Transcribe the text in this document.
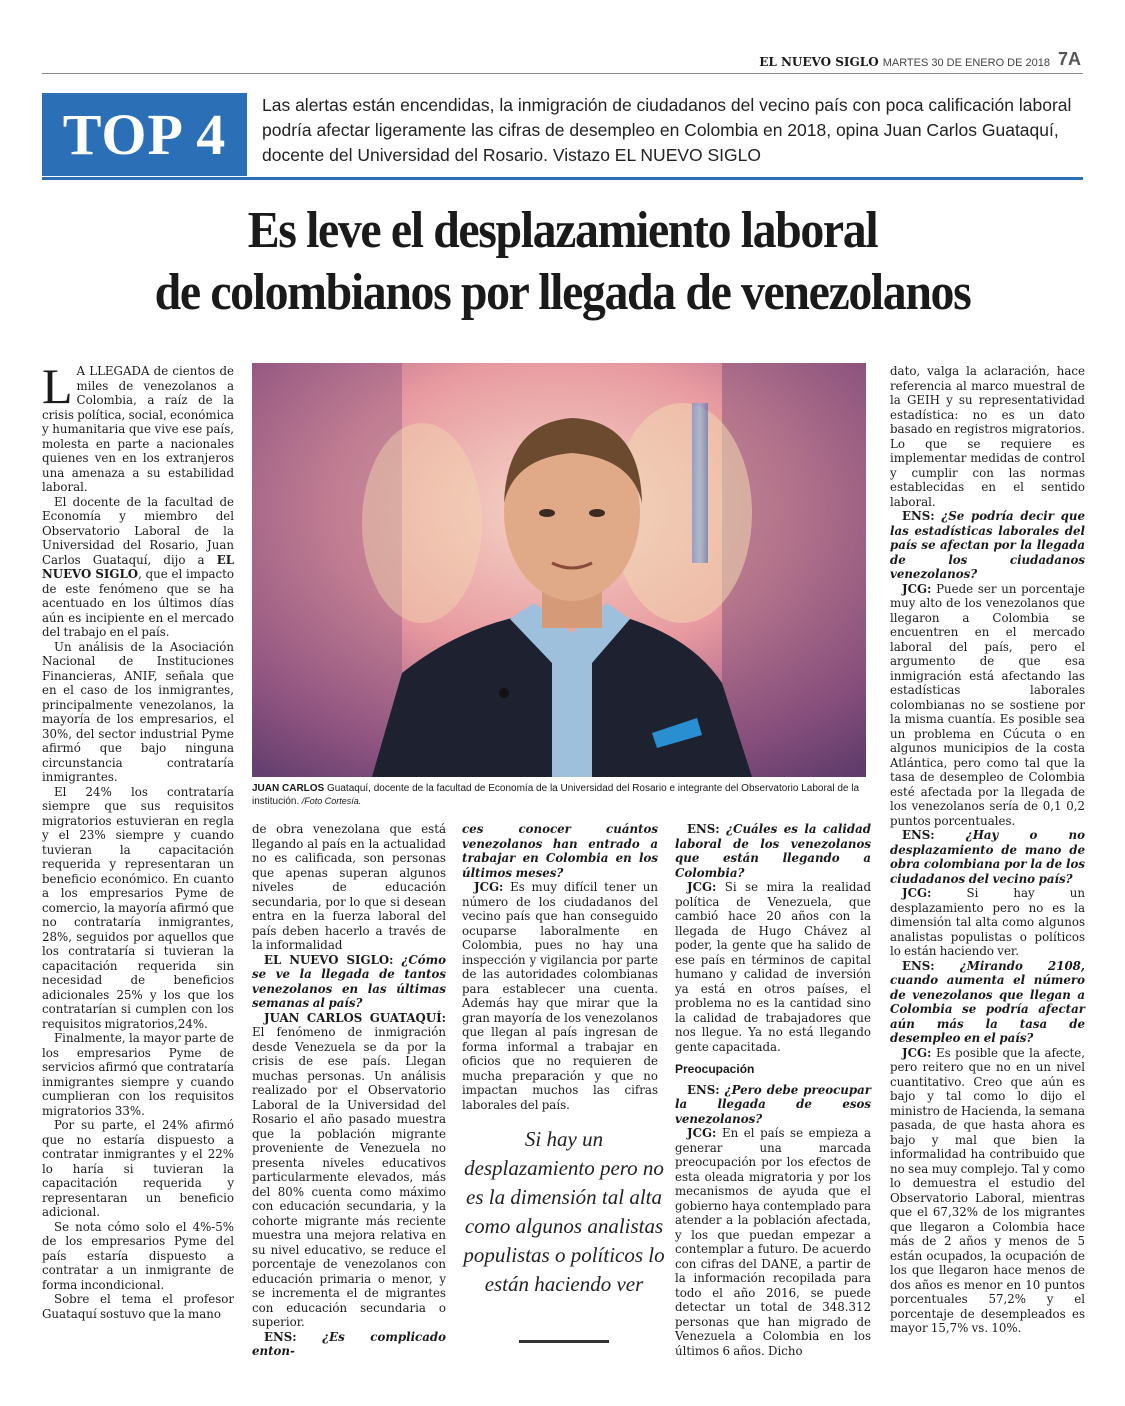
EL NUEVO SIGLO MARTES 30 DE ENERO DE 2018 7A
TOP 4	Las alertas están encendidas, la inmigración de ciudadanos del vecino país con poca calificación laboral podría afectar ligeramente las cifras de desempleo en Colombia en 2018, opina Juan Carlos Guataquí, docente del Universidad del Rosario. Vistazo EL NUEVO SIGLO
Es leve el desplazamiento laboral
de colombianos por llegada de venezolanos

L A LLEGADA de cientos de miles de venezolanos a Colombia, a raíz de la crisis política, social, económica y humanitaria que vive ese país, molesta en parte a nacionales quienes ven en los extranjeros una amenaza a su estabilidad laboral.

El docente de la facultad de Economía y miembro del Observatorio Laboral de la Universidad del Rosario, Juan Carlos Guataquí, dijo a EL NUEVO SIGLO, que el impacto de este fenómeno que se ha acentuado en los últimos días aún es incipiente en el mercado del trabajo en el país.

Un análisis de la Asociación Nacional de Instituciones Financieras, ANIF, señala que en el caso de los inmigrantes, principalmente venezolanos, la mayoría de los empresarios, el 30%, del sector industrial Pyme afirmó que bajo ninguna circunstancia contrataría inmigrantes.

El 24% los contrataría siempre que sus requisitos migratorios estuvieran en regla y el 23% siempre y cuando tuvieran la capacitación requerida y representaran un beneficio económico. En cuanto a los empresarios Pyme de comercio, la mayoría afirmó que no contrataría inmigrantes, 28%, seguidos por aquellos que los contrataría si tuvieran la capacitación requerida sin necesidad de beneficios adicionales 25% y los que los contratarían si cumplen con los requisitos migratorios,24%.

Finalmente, la mayor parte de los empresarios Pyme de servicios afirmó que contrataría inmigrantes siempre y cuando cumplieran con los requisitos migratorios 33%.

Por su parte, el 24% afirmó que no estaría dispuesto a contratar inmigrantes y el 22% lo haría si tuvieran la capacitación requerida y representaran un beneficio adicional.

Se nota cómo solo el 4%-5% de los empresarios Pyme del país estaría dispuesto a contratar a un inmigrante de forma incondicional.

Sobre el tema el profesor Guataquí sostuvo que la mano

JUAN CARLOS Guataquí, docente de la facultad de Economía de la Universidad del Rosario e integrante del Observatorio Laboral de la institución. /Foto Cortesía.

de obra venezolana que está llegando al país en la actualidad no es calificada, son personas que apenas superan algunos niveles de educación secundaria, por lo que si desean entra en la fuerza laboral del país deben hacerlo a través de la informalidad

EL NUEVO SIGLO: ¿Cómo se ve la llegada de tantos venezolanos en las últimas semanas al país?

JUAN CARLOS GUATAQUÍ: El fenómeno de inmigración desde Venezuela se da por la crisis de ese país. Llegan muchas personas. Un análisis realizado por el Observatorio Laboral de la Universidad del Rosario el año pasado muestra que la población migrante proveniente de Venezuela no presenta niveles educativos particularmente elevados, más del 80% cuenta como máximo con educación secundaria, y la cohorte migrante más reciente muestra una mejora relativa en su nivel educativo, se reduce el porcentaje de venezolanos con educación primaria o menor, y se incrementa el de migrantes con educación secundaria o superior.

ENS: ¿Es complicado enton-

ces conocer cuántos venezolanos han entrado a trabajar en Colombia en los últimos meses?

JCG: Es muy difícil tener un número de los ciudadanos del vecino país que han conseguido ocuparse laboralmente en Colombia, pues no hay una inspección y vigilancia por parte de las autoridades colombianas para establecer una cuenta. Además hay que mirar que la gran mayoría de los venezolanos que llegan al país ingresan de forma informal a trabajar en oficios que no requieren de mucha preparación y que no impactan muchos las cifras laborales del país.

Si hay un desplazamiento pero no es la dimensión tal alta como algunos analistas populistas o políticos lo están haciendo ver

ENS: ¿Cuáles es la calidad laboral de los venezolanos que están llegando a Colombia?

JCG: Si se mira la realidad política de Venezuela, que cambió hace 20 años con la llegada de Hugo Chávez al poder, la gente que ha salido de ese país en términos de capital humano y calidad de inversión ya está en otros países, el problema no es la cantidad sino la calidad de trabajadores que nos llegue. Ya no está llegando gente capacitada.

Preocupación

ENS: ¿Pero debe preocupar la llegada de esos venezolanos?

JCG: En el país se empieza a generar una marcada preocupación por los efectos de esta oleada migratoria y por los mecanismos de ayuda que el gobierno haya contemplado para atender a la población afectada, y los que puedan empezar a contemplar a futuro. De acuerdo con cifras del DANE, a partir de la información recopilada para todo el año 2016, se puede detectar un total de 348.312 personas que han migrado de Venezuela a Colombia en los últimos 6 años. Dicho

dato, valga la aclaración, hace referencia al marco muestral de la GEIH y su representatividad estadística: no es un dato basado en registros migratorios. Lo que se requiere es implementar medidas de control y cumplir con las normas establecidas en el sentido laboral.

ENS: ¿Se podría decir que las estadísticas laborales del país se afectan por la llegada de los ciudadanos venezolanos?

JCG: Puede ser un porcentaje muy alto de los venezolanos que llegaron a Colombia se encuentren en el mercado laboral del país, pero el argumento de que esa inmigración está afectando las estadísticas laborales colombianas no se sostiene por la misma cuantía. Es posible sea un problema en Cúcuta o en algunos municipios de la costa Atlántica, pero como tal que la tasa de desempleo de Colombia esté afectada por la llegada de los venezolanos sería de 0,1 0,2 puntos porcentuales.

ENS: ¿Hay o no desplazamiento de mano de obra colombiana por la de los ciudadanos del vecino país?

JCG: Si hay un desplazamiento pero no es la dimensión tal alta como algunos analistas populistas o políticos lo están haciendo ver.

ENS: ¿Mirando 2108, cuando aumenta el número de venezolanos que llegan a Colombia se podría afectar aún más la tasa de desempleo en el país?

JCG: Es posible que la afecte, pero reitero que no en un nivel cuantitativo. Creo que aún es bajo y tal como lo dijo el ministro de Hacienda, la semana pasada, de que hasta ahora es bajo y mal que bien la informalidad ha contribuido que no sea muy complejo. Tal y como lo demuestra el estudio del Observatorio Laboral, mientras que el 67,32% de los migrantes que llegaron a Colombia hace más de 2 años y menos de 5 están ocupados, la ocupación de los que llegaron hace menos de dos años es menor en 10 puntos porcentuales 57,2% y el porcentaje de desempleados es mayor 15,7% vs. 10%.
